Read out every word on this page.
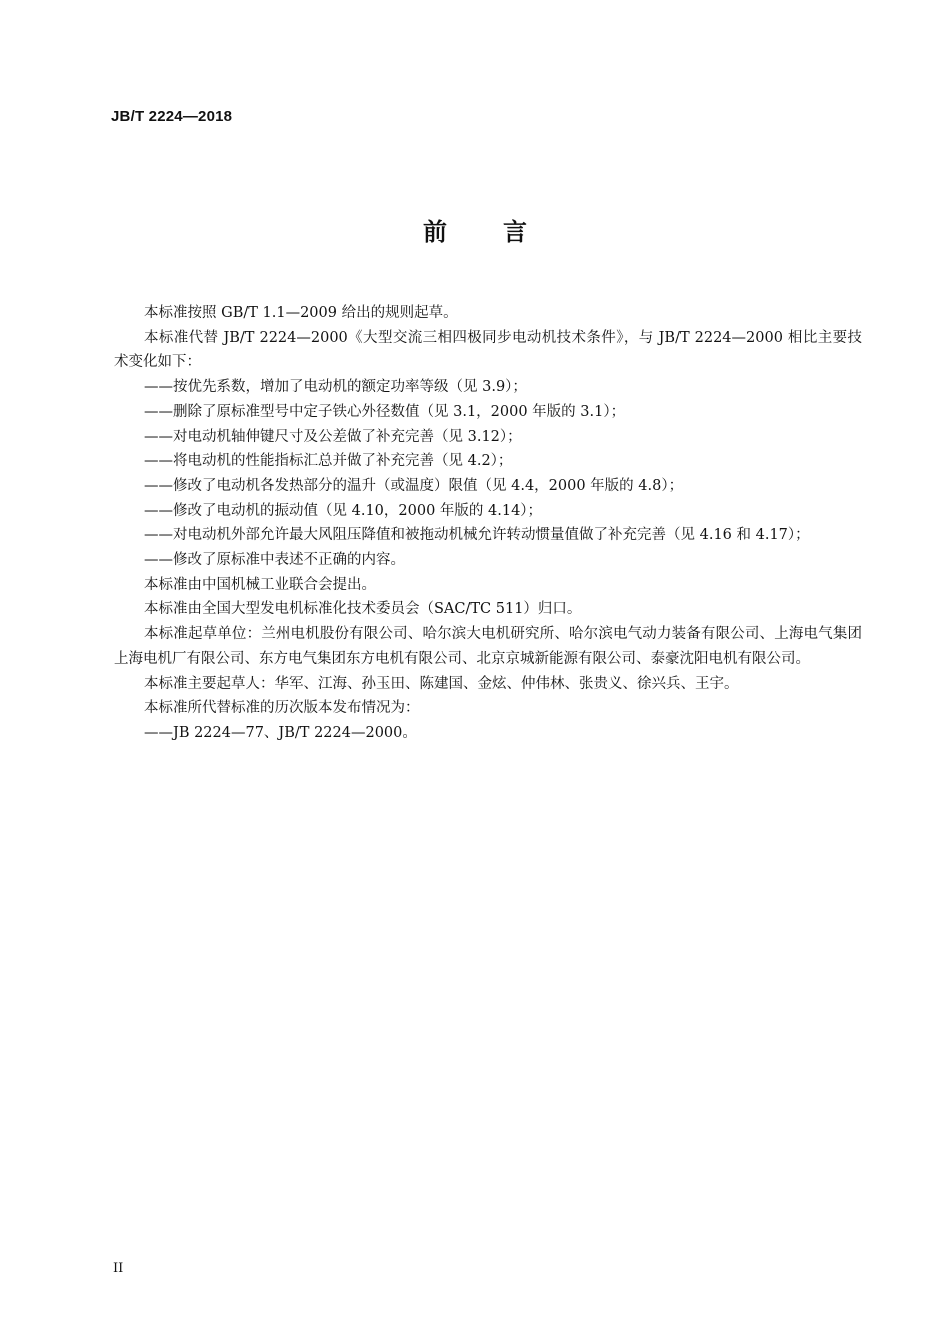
JB/T 2224—2018
前言

本标准按照 GB/T 1.1—2009 给出的规则起草。

本标准代替 JB/T 2224—2000《大型交流三相四极同步电动机技术条件》，与 JB/T 2224—2000 相比主要技术变化如下：

——按优先系数，增加了电动机的额定功率等级（见 3.9）；

——删除了原标准型号中定子铁心外径数值（见 3.1，2000 年版的 3.1）；

——对电动机轴伸键尺寸及公差做了补充完善（见 3.12）；

——将电动机的性能指标汇总并做了补充完善（见 4.2）；

——修改了电动机各发热部分的温升（或温度）限值（见 4.4，2000 年版的 4.8）；

——修改了电动机的振动值（见 4.10，2000 年版的 4.14）；

——对电动机外部允许最大风阻压降值和被拖动机械允许转动惯量值做了补充完善（见 4.16 和 4.17）；

——修改了原标准中表述不正确的内容。

本标准由中国机械工业联合会提出。

本标准由全国大型发电机标准化技术委员会（SAC/TC 511）归口。

本标准起草单位：兰州电机股份有限公司、哈尔滨大电机研究所、哈尔滨电气动力装备有限公司、上海电气集团上海电机厂有限公司、东方电气集团东方电机有限公司、北京京城新能源有限公司、泰豪沈阳电机有限公司。

本标准主要起草人：华军、江海、孙玉田、陈建国、金炫、仲伟林、张贵义、徐兴兵、王宇。

本标准所代替标准的历次版本发布情况为：

——JB 2224—77、JB/T 2224—2000。

II
